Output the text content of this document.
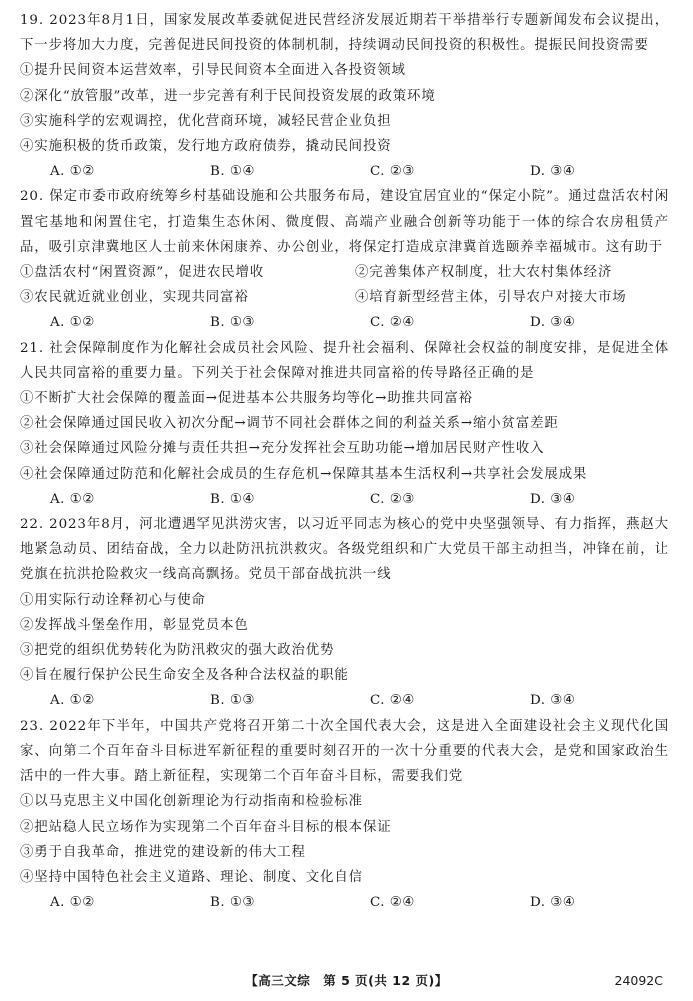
19. 2023年8月1日，国家发展改革委就促进民营经济发展近期若干举措举行专题新闻发布会议提出，下一步将加大力度，完善促进民间投资的体制机制，持续调动民间投资的积极性。提振民间投资需要

①提升民间资本运营效率，引导民间资本全面进入各投资领域

②深化“放管服”改革，进一步完善有利于民间投资发展的政策环境

③实施科学的宏观调控，优化营商环境，减轻民营企业负担

④实施积极的货币政策，发行地方政府债券，撬动民间投资

A. ①②	B. ①④	C. ②③	D. ③④

20. 保定市委市政府统筹乡村基础设施和公共服务布局，建设宜居宜业的“保定小院”。通过盘活农村闲置宅基地和闲置住宅，打造集生态休闲、微度假、高端产业融合创新等功能于一体的综合农房租赁产品，吸引京津冀地区人士前来休闲康养、办公创业，将保定打造成京津冀首选颐养幸福城市。这有助于

①盘活农村“闲置资源”，促进农民增收	②完善集体产权制度，壮大农村集体经济

③农民就近就业创业，实现共同富裕	④培育新型经营主体，引导农户对接大市场

A. ①②	B. ①③	C. ②④	D. ③④

21. 社会保障制度作为化解社会成员社会风险、提升社会福利、保障社会权益的制度安排，是促进全体人民共同富裕的重要力量。下列关于社会保障对推进共同富裕的传导路径正确的是

①不断扩大社会保障的覆盖面→促进基本公共服务均等化→助推共同富裕

②社会保障通过国民收入初次分配→调节不同社会群体之间的利益关系→缩小贫富差距

③社会保障通过风险分摊与责任共担→充分发挥社会互助功能→增加居民财产性收入

④社会保障通过防范和化解社会成员的生存危机→保障其基本生活权利→共享社会发展成果

A. ①②	B. ①④	C. ②③	D. ③④

22. 2023年8月，河北遭遇罕见洪涝灾害，以习近平同志为核心的党中央坚强领导、有力指挥，燕赵大地紧急动员、团结奋战，全力以赴防汛抗洪救灾。各级党组织和广大党员干部主动担当，冲锋在前，让党旗在抗洪抢险救灾一线高高飘扬。党员干部奋战抗洪一线

①用实际行动诠释初心与使命

②发挥战斗堡垒作用，彰显党员本色

③把党的组织优势转化为防汛救灾的强大政治优势

④旨在履行保护公民生命安全及各种合法权益的职能

A. ①②	B. ①③	C. ②④	D. ③④

23. 2022年下半年，中国共产党将召开第二十次全国代表大会，这是进入全面建设社会主义现代化国家、向第二个百年奋斗目标进军新征程的重要时刻召开的一次十分重要的代表大会，是党和国家政治生活中的一件大事。踏上新征程，实现第二个百年奋斗目标，需要我们党

①以马克思主义中国化创新理论为行动指南和检验标准

②把站稳人民立场作为实现第二个百年奋斗目标的根本保证

③勇于自我革命，推进党的建设新的伟大工程

④坚持中国特色社会主义道路、理论、制度、文化自信

A. ①②	B. ①③	C. ②④	D. ③④
【高三文综　第 5 页(共 12 页)】	24092C
